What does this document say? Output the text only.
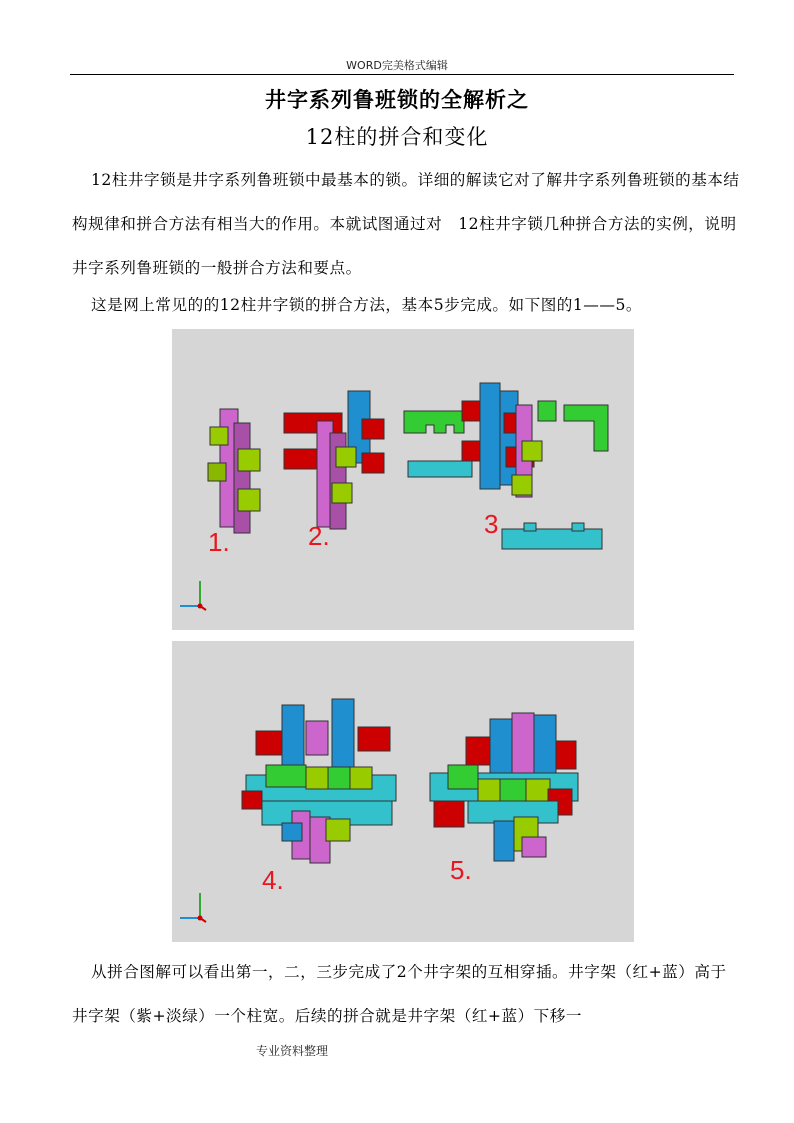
WORD完美格式编辑
井字系列鲁班锁的全解析之
12柱的拼合和变化
12柱井字锁是井字系列鲁班锁中最基本的锁。详细的解读它对了解井字系列鲁班锁的基本结构规律和拼合方法有相当大的作用。本就试图通过对　12柱井字锁几种拼合方法的实例，说明井字系列鲁班锁的一般拼合方法和要点。
这是网上常见的的12柱井字锁的拼合方法，基本5步完成。如下图的1——5。
1.	2.	3
4.	5.
从拼合图解可以看出第一，二，三步完成了2个井字架的互相穿插。井字架（红+蓝）高于井字架（紫+淡绿）一个柱宽。后续的拼合就是井字架（红+蓝）下移一
专业资料整理
